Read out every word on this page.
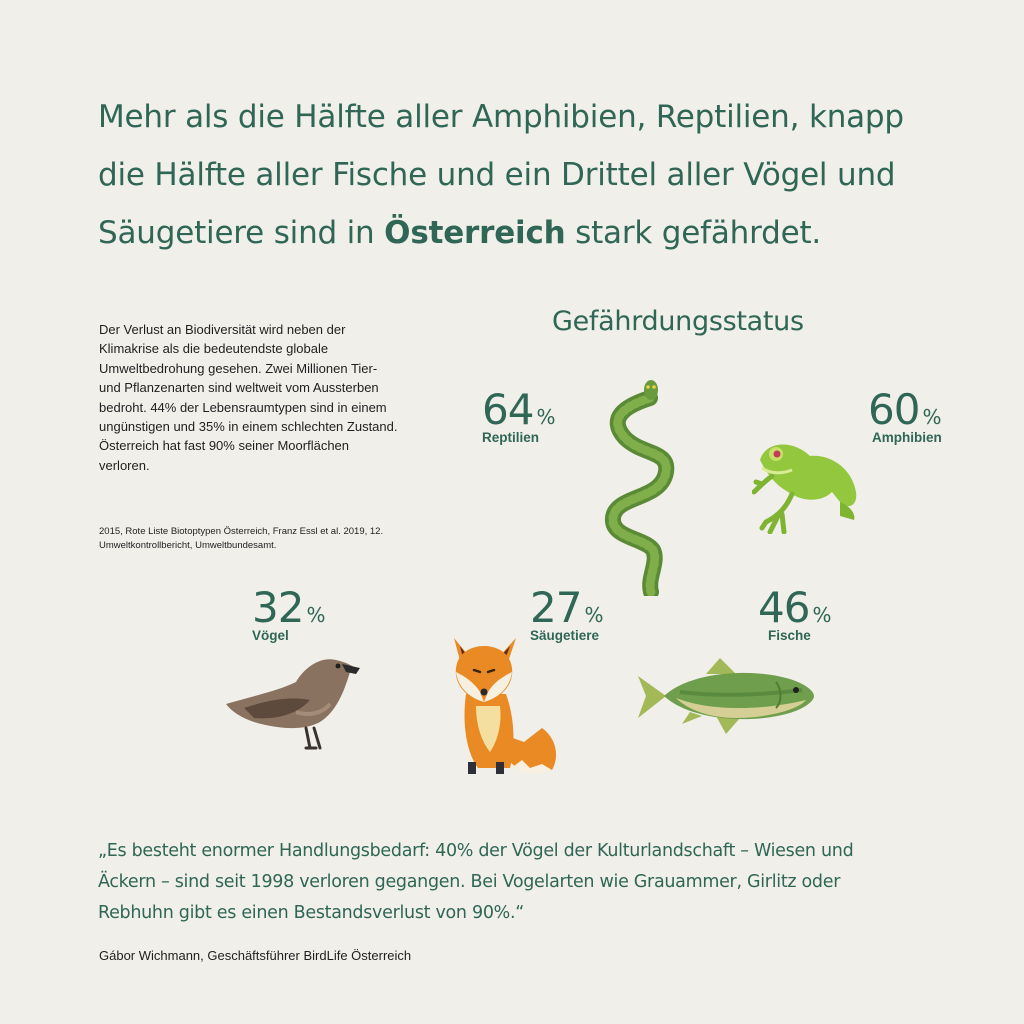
Mehr als die Hälfte aller Amphibien, Reptilien, knapp
die Hälfte aller Fische und ein Drittel aller Vögel und
Säugetiere sind in Österreich stark gefährdet.
Der Verlust an Biodiversität wird neben der Klimakrise als die bedeutendste globale Umweltbedrohung gesehen. Zwei Millionen Tier- und Pflanzenarten sind weltweit vom Aussterben bedroht. 44% der Lebensraumtypen sind in einem ungünstigen und 35% in einem schlechten Zustand. Österreich hat fast 90% seiner Moorflächen verloren.
2015, Rote Liste Biotoptypen Österreich, Franz Essl et al. 2019, 12. Umweltkontrollbericht, Umweltbundesamt.
Gefährdungsstatus
64 %
Reptilien
60 %
Amphibien
32 %
Vögel
27 %
Säugetiere
46 %
Fische
„Es besteht enormer Handlungsbedarf: 40% der Vögel der Kulturlandschaft – Wiesen und
Äckern – sind seit 1998 verloren gegangen. Bei Vogelarten wie Grauammer, Girlitz oder
Rebhuhn gibt es einen Bestandsverlust von 90%.“
Gábor Wichmann, Geschäftsführer BirdLife Österreich
